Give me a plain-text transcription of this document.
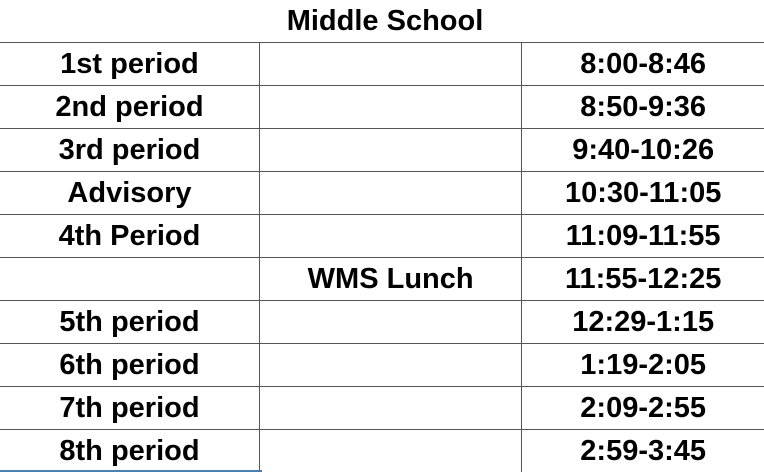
Middle School
1st period		8:00-8:46
2nd period		8:50-9:36
3rd period		9:40-10:26
Advisory		10:30-11:05
4th Period		11:09-11:55
	WMS Lunch	11:55-12:25
5th period		12:29-1:15
6th period		1:19-2:05
7th period		2:09-2:55
8th period		2:59-3:45
